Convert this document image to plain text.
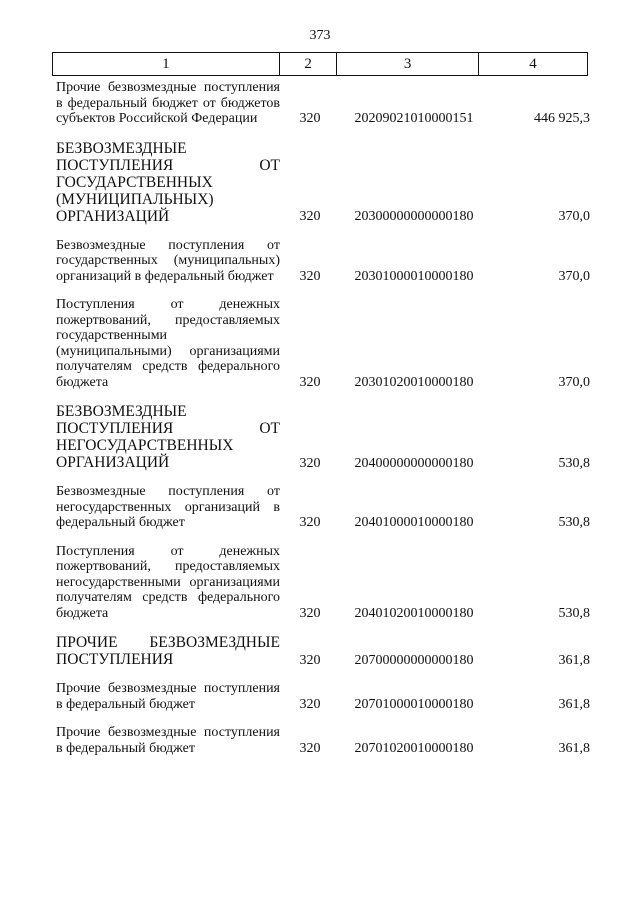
373
1	2	3	4
Прочие безвозмездные поступления в федеральный бюджет от бюджетов субъектов Российской Федерации	320	20209021010000151	446 925,3
БЕЗВОЗМЕЗДНЫЕ ПОСТУПЛЕНИЯ ОТ ГОСУДАРСТВЕННЫХ (МУНИЦИПАЛЬНЫХ) ОРГАНИЗАЦИЙ	320	20300000000000180	370,0
Безвозмездные поступления от государственных (муниципальных) организаций в федеральный бюджет	320	20301000010000180	370,0
Поступления от денежных пожертвований, предоставляемых государственными (муниципальными) организациями получателям средств федерального бюджета	320	20301020010000180	370,0
БЕЗВОЗМЕЗДНЫЕ ПОСТУПЛЕНИЯ ОТ НЕГОСУДАРСТВЕННЫХ ОРГАНИЗАЦИЙ	320	20400000000000180	530,8
Безвозмездные поступления от негосударственных организаций в федеральный бюджет	320	20401000010000180	530,8
Поступления от денежных пожертвований, предоставляемых негосударственными организациями получателям средств федерального бюджета	320	20401020010000180	530,8
ПРОЧИЕ БЕЗВОЗМЕЗДНЫЕ ПОСТУПЛЕНИЯ	320	20700000000000180	361,8
Прочие безвозмездные поступления в федеральный бюджет	320	20701000010000180	361,8
Прочие безвозмездные поступления в федеральный бюджет	320	20701020010000180	361,8
